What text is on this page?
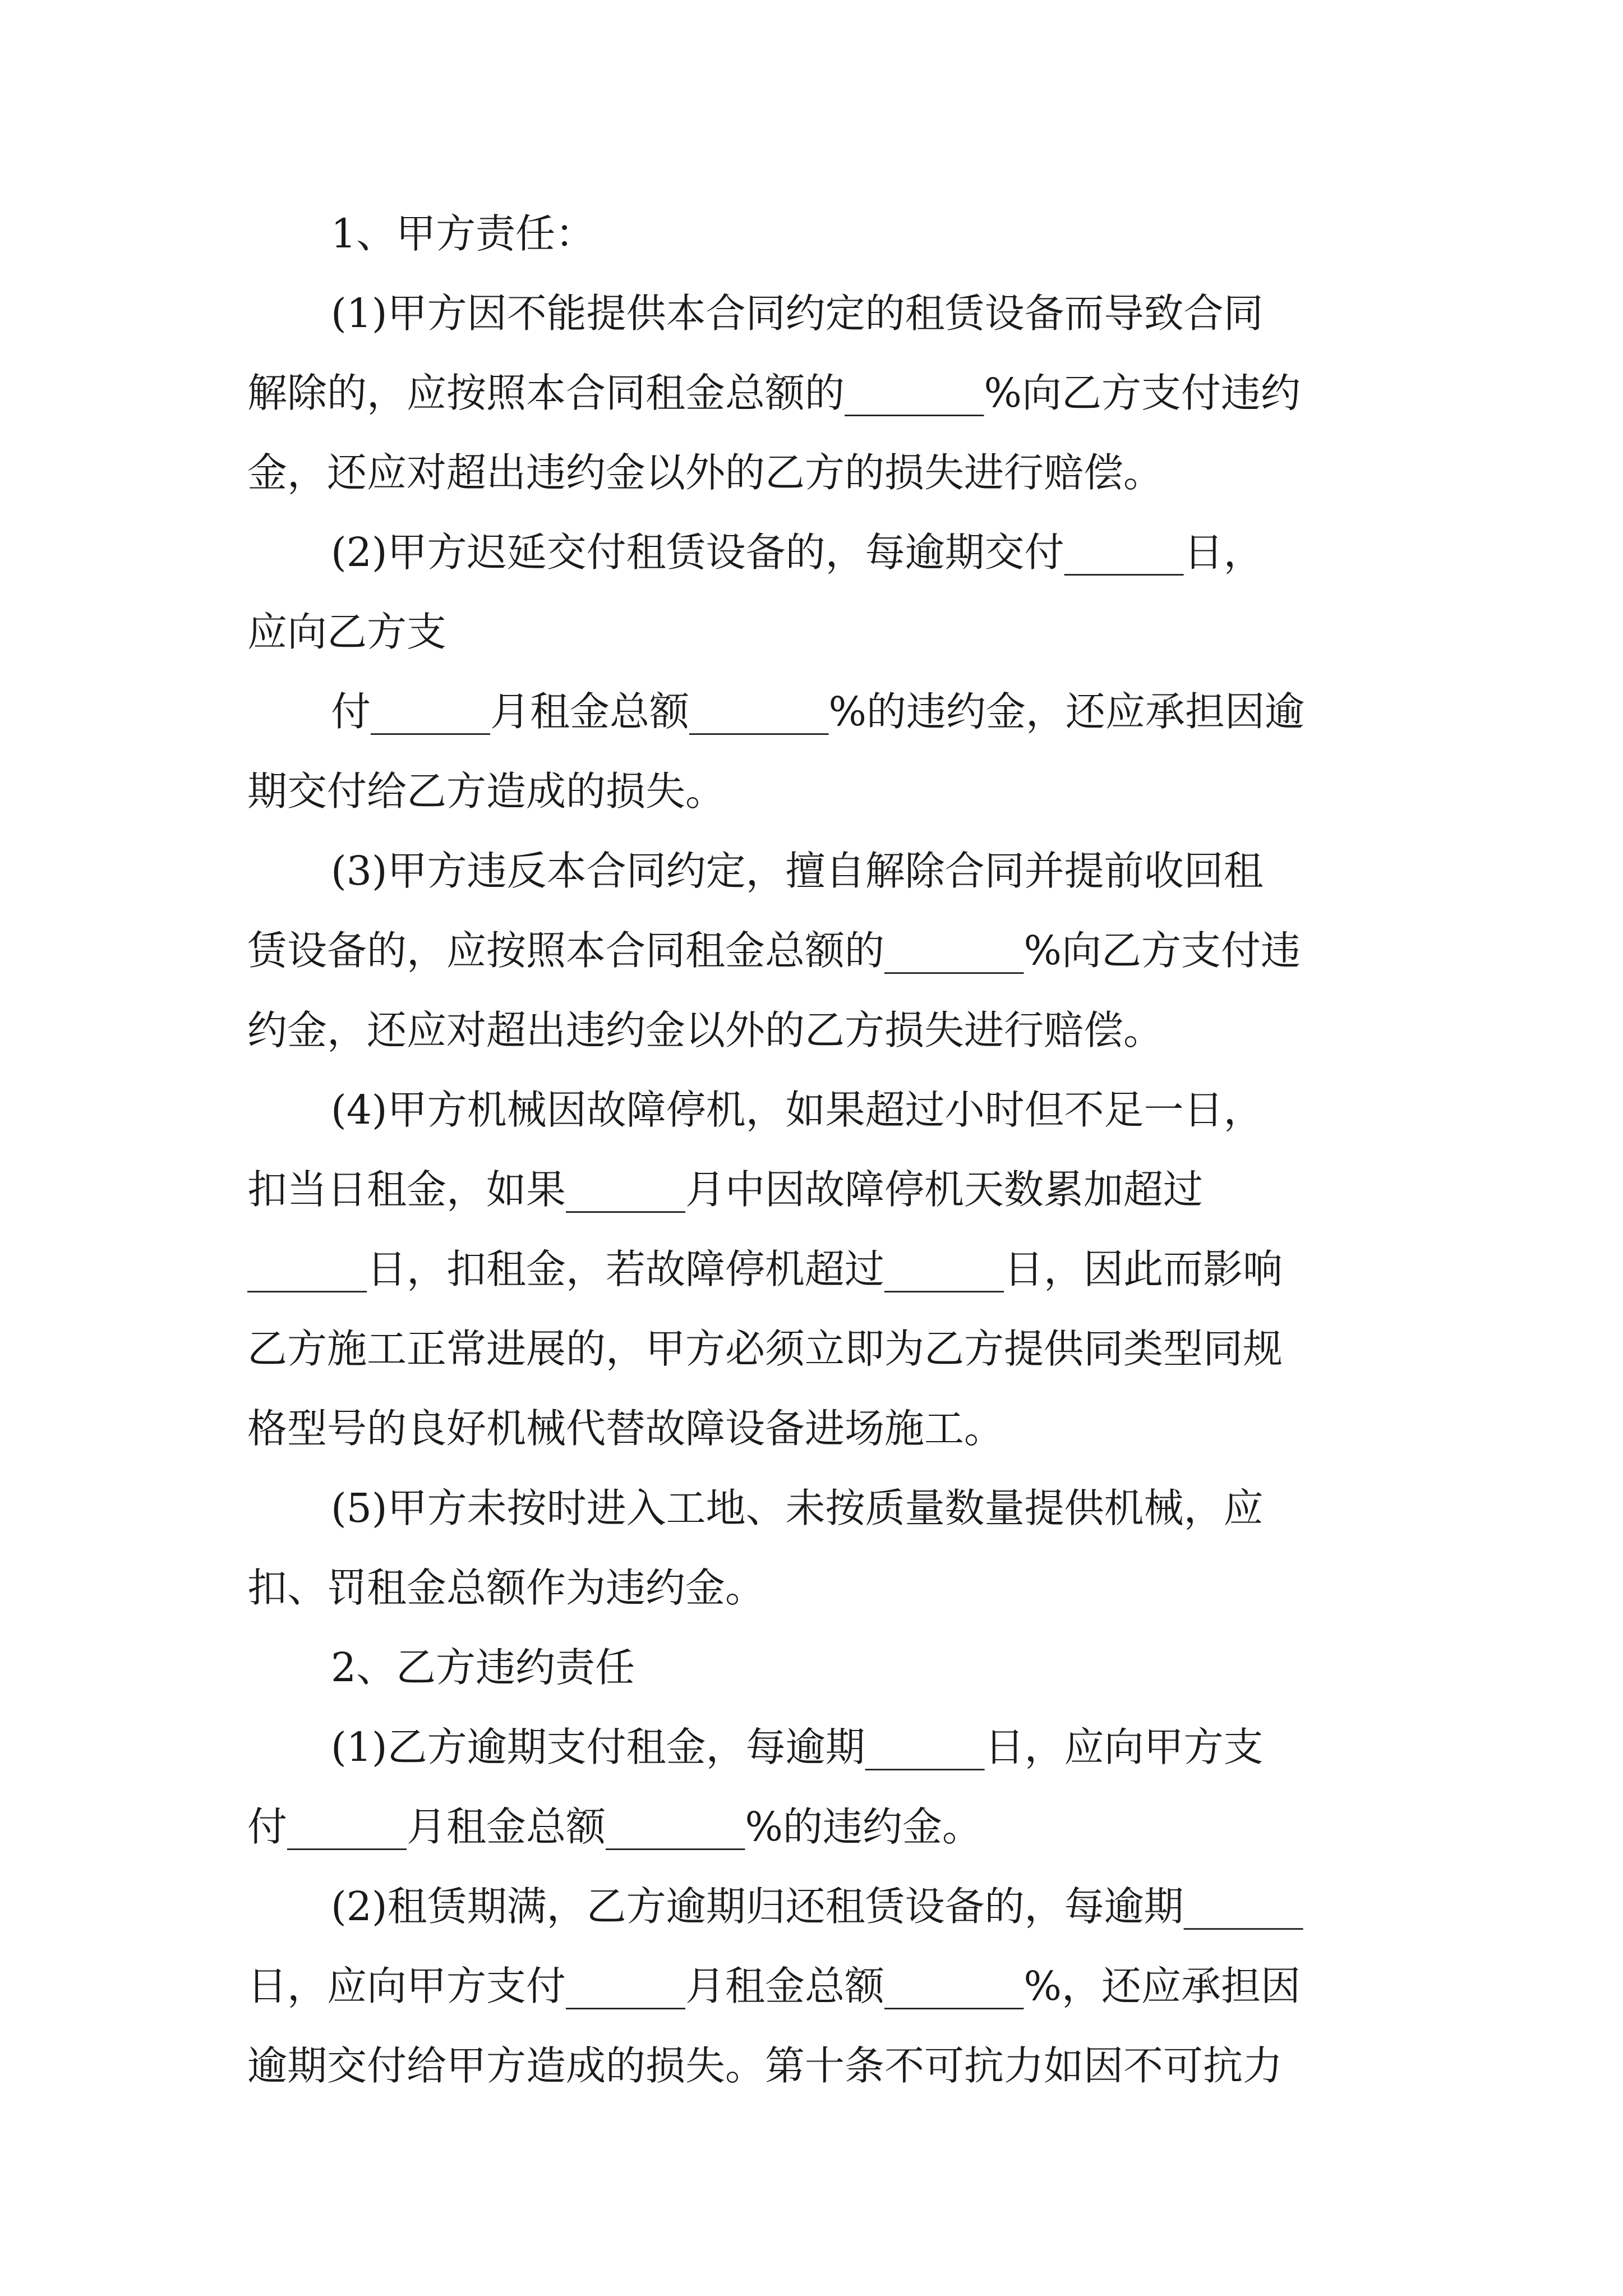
1、甲方责任：

(1)甲方因不能提供本合同约定的租赁设备而导致合同

解除的，应按照本合同租金总额的_______%向乙方支付违约

金，还应对超出违约金以外的乙方的损失进行赔偿。

(2)甲方迟延交付租赁设备的，每逾期交付______日，

应向乙方支

付______月租金总额_______%的违约金，还应承担因逾

期交付给乙方造成的损失。

(3)甲方违反本合同约定，擅自解除合同并提前收回租

赁设备的，应按照本合同租金总额的_______%向乙方支付违

约金，还应对超出违约金以外的乙方损失进行赔偿。

(4)甲方机械因故障停机，如果超过小时但不足一日，

扣当日租金，如果______月中因故障停机天数累加超过

______日，扣租金，若故障停机超过______日，因此而影响

乙方施工正常进展的，甲方必须立即为乙方提供同类型同规

格型号的良好机械代替故障设备进场施工。

(5)甲方未按时进入工地、未按质量数量提供机械，应

扣、罚租金总额作为违约金。

2、乙方违约责任

(1)乙方逾期支付租金，每逾期______日，应向甲方支

付______月租金总额_______%的违约金。

(2)租赁期满，乙方逾期归还租赁设备的，每逾期______

日，应向甲方支付______月租金总额_______%，还应承担因

逾期交付给甲方造成的损失。第十条不可抗力如因不可抗力
